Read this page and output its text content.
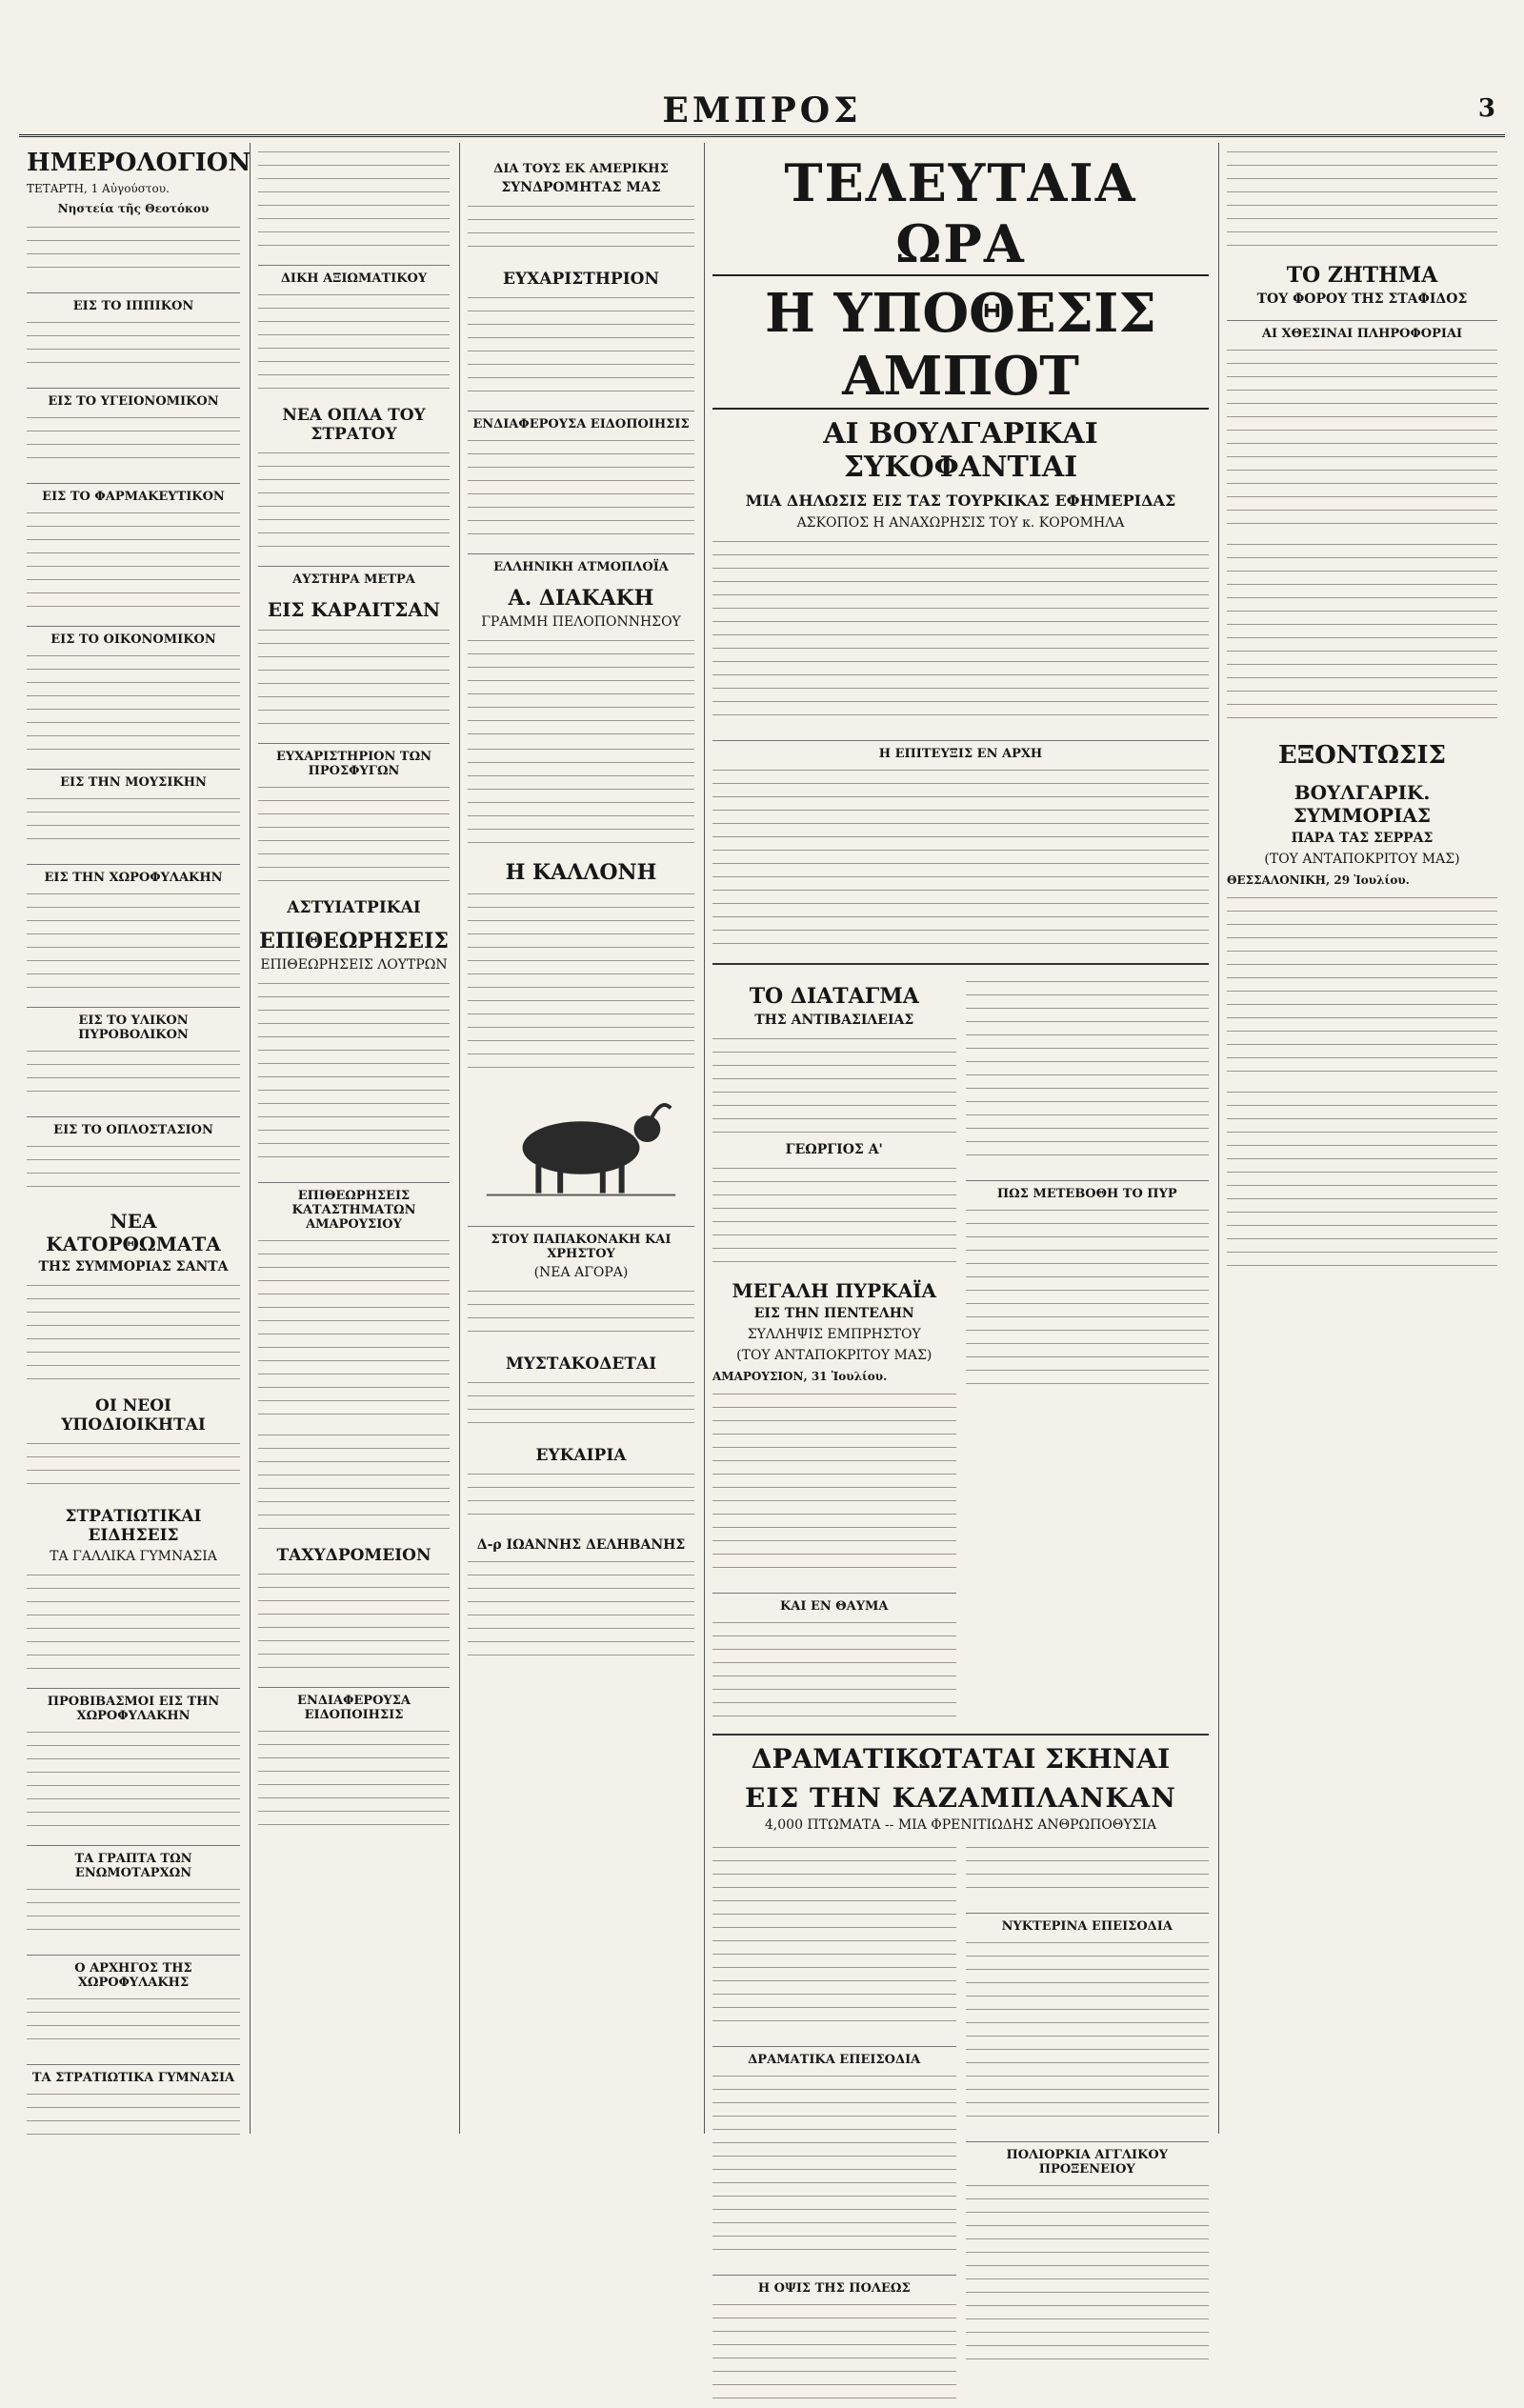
ΕΜΠΡΟΣ	3
ΗΜΕΡΟΛΟΓΙΟΝ

ΤΕΤΑΡΤΗ, 1 Αὐγούστου.

Νηστεία τῆς Θεοτόκου

ΕΙΣ ΤΟ ΙΠΠΙΚΟΝ
ΕΙΣ ΤΟ ΥΓΕΙΟΝΟΜΙΚΟΝ
ΕΙΣ ΤΟ ΦΑΡΜΑΚΕΥΤΙΚΟΝ
ΕΙΣ ΤΟ ΟΙΚΟΝΟΜΙΚΟΝ
ΕΙΣ ΤΗΝ ΜΟΥΣΙΚΗΝ
ΕΙΣ ΤΗΝ ΧΩΡΟΦΥΛΑΚΗΝ
ΕΙΣ ΤΟ ΥΛΙΚΟΝ ΠΥΡΟΒΟΛΙΚΟΝ
ΕΙΣ ΤΟ ΟΠΛΟΣΤΑΣΙΟΝ
ΝΕΑ ΚΑΤΟΡΘΩΜΑΤΑ
ΤΗΣ ΣΥΜΜΟΡΙΑΣ ΣΑΝΤΑ
ΟΙ ΝΕΟΙ ΥΠΟΔΙΟΙΚΗΤΑΙ
ΣΤΡΑΤΙΩΤΙΚΑΙ ΕΙΔΗΣΕΙΣ
ΤΑ ΓΑΛΛΙΚΑ ΓΥΜΝΑΣΙΑ
ΠΡΟΒΙΒΑΣΜΟΙ ΕΙΣ ΤΗΝ ΧΩΡΟΦΥΛΑΚΗΝ
ΤΑ ΓΡΑΠΤΑ ΤΩΝ ΕΝΩΜΟΤΑΡΧΩΝ
Ο ΑΡΧΗΓΟΣ ΤΗΣ ΧΩΡΟΦΥΛΑΚΗΣ
ΤΑ ΣΤΡΑΤΙΩΤΙΚΑ ΓΥΜΝΑΣΙΑ
ΔΙΚΗ ΑΞΙΩΜΑΤΙΚΟΥ
ΝΕΑ ΟΠΛΑ ΤΟΥ ΣΤΡΑΤΟΥ
ΑΥΣΤΗΡΑ ΜΕΤΡΑ
ΕΙΣ ΚΑΡΑΙΤΣΑΝ
ΕΥΧΑΡΙΣΤΗΡΙΟΝ ΤΩΝ ΠΡΟΣΦΥΓΩΝ
ΑΣΤΥΙΑΤΡΙΚΑΙ
ΕΠΙΘΕΩΡΗΣΕΙΣ
ΕΠΙΘΕΩΡΗΣΕΙΣ ΛΟΥΤΡΩΝ
ΕΠΙΘΕΩΡΗΣΕΙΣ ΚΑΤΑΣΤΗΜΑΤΩΝ ΑΜΑΡΟΥΣΙΟΥ
ΤΑΧΥΔΡΟΜΕΙΟΝ
ΕΝΔΙΑΦΕΡΟΥΣΑ ΕΙΔΟΠΟΙΗΣΙΣ
ΔΙΑ ΤΟΥΣ ΕΚ ΑΜΕΡΙΚΗΣ
ΣΥΝΔΡΟΜΗΤΑΣ ΜΑΣ
ΕΥΧΑΡΙΣΤΗΡΙΟΝ
ΕΝΔΙΑΦΕΡΟΥΣΑ ΕΙΔΟΠΟΙΗΣΙΣ
ΕΛΛΗΝΙΚΗ ΑΤΜΟΠΛΟΪΑ
Α. ΔΙΑΚΑΚΗ
ΓΡΑΜΜΗ ΠΕΛΟΠΟΝΝΗΣΟΥ
Η ΚΑΛΛΟΝΗ
ΣΤΟΥ ΠΑΠΑΚΟΝΑΚΗ ΚΑΙ ΧΡΗΣΤΟΥ
(ΝΕΑ ΑΓΟΡΑ)
ΜΥΣΤΑΚΟΔΕΤΑΙ
ΕΥΚΑΙΡΙΑ
Δ-ρ ΙΩΑΝΝΗΣ ΔΕΛΗΒΑΝΗΣ
ΤΕΛΕΥΤΑΙΑ ΩΡΑ
Η ΥΠΟΘΕΣΙΣ ΑΜΠΟΤ
ΑΙ ΒΟΥΛΓΑΡΙΚΑΙ ΣΥΚΟΦΑΝΤΙΑΙ
ΜΙΑ ΔΗΛΩΣΙΣ ΕΙΣ ΤΑΣ ΤΟΥΡΚΙΚΑΣ ΕΦΗΜΕΡΙΔΑΣ
ΑΣΚΟΠΟΣ Η ΑΝΑΧΩΡΗΣΙΣ ΤΟΥ κ. ΚΟΡΟΜΗΛΑ
Η ΕΠΙΤΕΥΞΙΣ ΕΝ ΑΡΧΗ
ΤΟ ΔΙΑΤΑΓΜΑ
ΤΗΣ ΑΝΤΙΒΑΣΙΛΕΙΑΣ
ΓΕΩΡΓΙΟΣ Α'
ΜΕΓΑΛΗ ΠΥΡΚΑΪΑ
ΕΙΣ ΤΗΝ ΠΕΝΤΕΛΗΝ
ΣΥΛΛΗΨΙΣ ΕΜΠΡΗΣΤΟΥ
(ΤΟΥ ΑΝΤΑΠΟΚΡΙΤΟΥ ΜΑΣ)

ΑΜΑΡΟΥΣΙΟΝ, 31 Ἰουλίου.

ΚΑΙ ΕΝ ΘΑΥΜΑ
ΠΩΣ ΜΕΤΕΒΟΘΗ ΤΟ ΠΥΡ
ΔΡΑΜΑΤΙΚΩΤΑΤΑΙ ΣΚΗΝΑΙ
ΕΙΣ ΤΗΝ ΚΑΖΑΜΠΛΑΝΚΑΝ
4,000 ΠΤΩΜΑΤΑ -- ΜΙΑ ΦΡΕΝΙΤΙΩΔΗΣ ΑΝΘΡΩΠΟΘΥΣΙΑ
ΔΡΑΜΑΤΙΚΑ ΕΠΕΙΣΟΔΙΑ
Η ΟΨΙΣ ΤΗΣ ΠΟΛΕΩΣ
ΝΥΚΤΕΡΙΝΑ ΕΠΕΙΣΟΔΙΑ
ΠΟΛΙΟΡΚΙΑ ΑΓΓΛΙΚΟΥ ΠΡΟΞΕΝΕΙΟΥ
ΤΟ ΖΗΤΗΜΑ
ΤΟΥ ΦΟΡΟΥ ΤΗΣ ΣΤΑΦΙΔΟΣ
ΑΙ ΧΘΕΣΙΝΑΙ ΠΛΗΡΟΦΟΡΙΑΙ
ΕΞΟΝΤΩΣΙΣ
ΒΟΥΛΓΑΡΙΚ. ΣΥΜΜΟΡΙΑΣ
ΠΑΡΑ ΤΑΣ ΣΕΡΡΑΣ
(ΤΟΥ ΑΝΤΑΠΟΚΡΙΤΟΥ ΜΑΣ)

ΘΕΣΣΑΛΟΝΙΚΗ, 29 Ἰουλίου.
